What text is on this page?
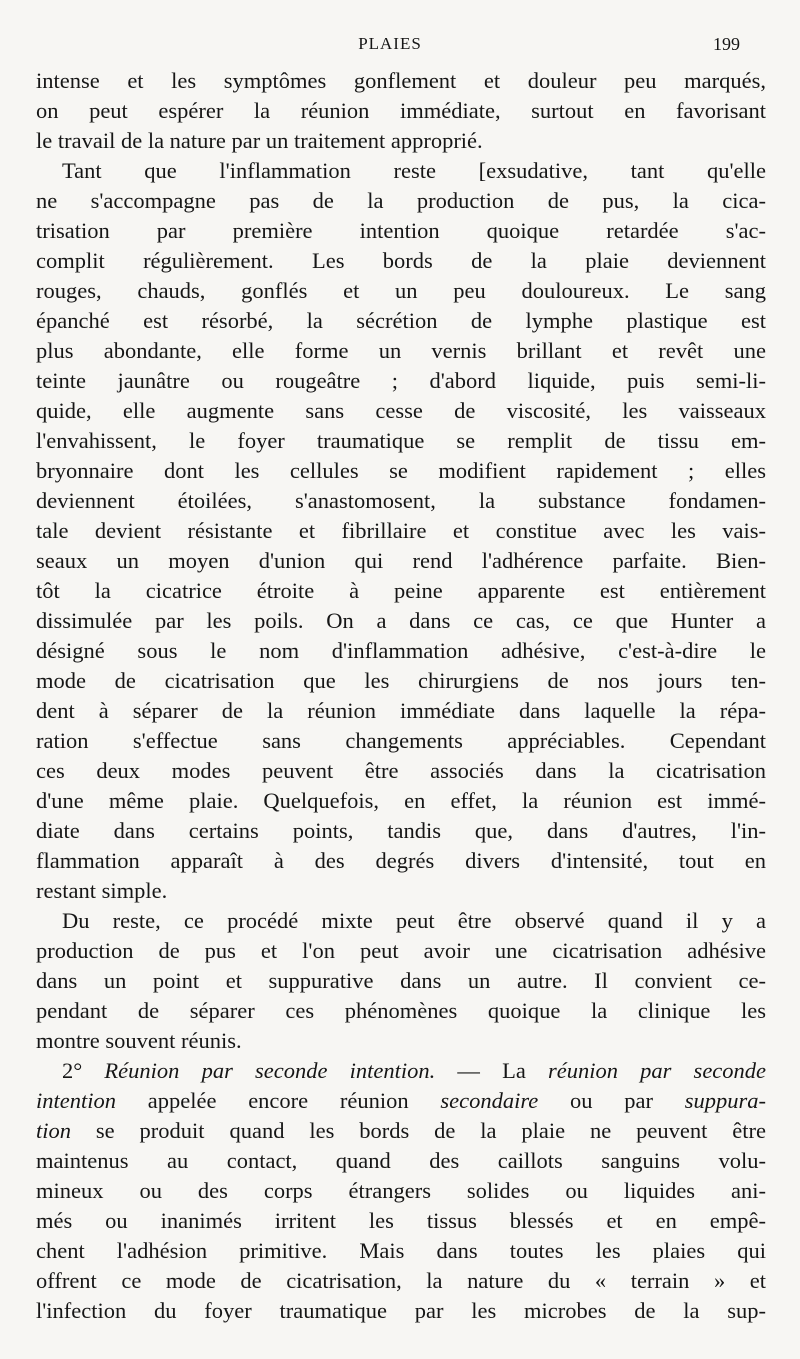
PLAIES	199
intense et les symptômes gonflement et douleur peu marqués,
on peut espérer la réunion immédiate, surtout en favorisant
le travail de la nature par un traitement approprié.
Tant que l'inflammation reste [exsudative, tant qu'elle
ne s'accompagne pas de la production de pus, la cica-
trisation par première intention quoique retardée s'ac-
complit régulièrement. Les bords de la plaie deviennent
rouges, chauds, gonflés et un peu douloureux. Le sang
épanché est résorbé, la sécrétion de lymphe plastique est
plus abondante, elle forme un vernis brillant et revêt une
teinte jaunâtre ou rougeâtre ; d'abord liquide, puis semi-li-
quide, elle augmente sans cesse de viscosité, les vaisseaux
l'envahissent, le foyer traumatique se remplit de tissu em-
bryonnaire dont les cellules se modifient rapidement ; elles
deviennent étoilées, s'anastomosent, la substance fondamen-
tale devient résistante et fibrillaire et constitue avec les vais-
seaux un moyen d'union qui rend l'adhérence parfaite. Bien-
tôt la cicatrice étroite à peine apparente est entièrement
dissimulée par les poils. On a dans ce cas, ce que Hunter a
désigné sous le nom d'inflammation adhésive, c'est-à-dire le
mode de cicatrisation que les chirurgiens de nos jours ten-
dent à séparer de la réunion immédiate dans laquelle la répa-
ration s'effectue sans changements appréciables. Cependant
ces deux modes peuvent être associés dans la cicatrisation
d'une même plaie. Quelquefois, en effet, la réunion est immé-
diate dans certains points, tandis que, dans d'autres, l'in-
flammation apparaît à des degrés divers d'intensité, tout en
restant simple.
Du reste, ce procédé mixte peut être observé quand il y a
production de pus et l'on peut avoir une cicatrisation adhésive
dans un point et suppurative dans un autre. Il convient ce-
pendant de séparer ces phénomènes quoique la clinique les
montre souvent réunis.
2° Réunion par seconde intention. — La réunion par seconde
intention appelée encore réunion secondaire ou par suppura-
tion se produit quand les bords de la plaie ne peuvent être
maintenus au contact, quand des caillots sanguins volu-
mineux ou des corps étrangers solides ou liquides ani-
més ou inanimés irritent les tissus blessés et en empê-
chent l'adhésion primitive. Mais dans toutes les plaies qui
offrent ce mode de cicatrisation, la nature du « terrain » et
l'infection du foyer traumatique par les microbes de la sup-
